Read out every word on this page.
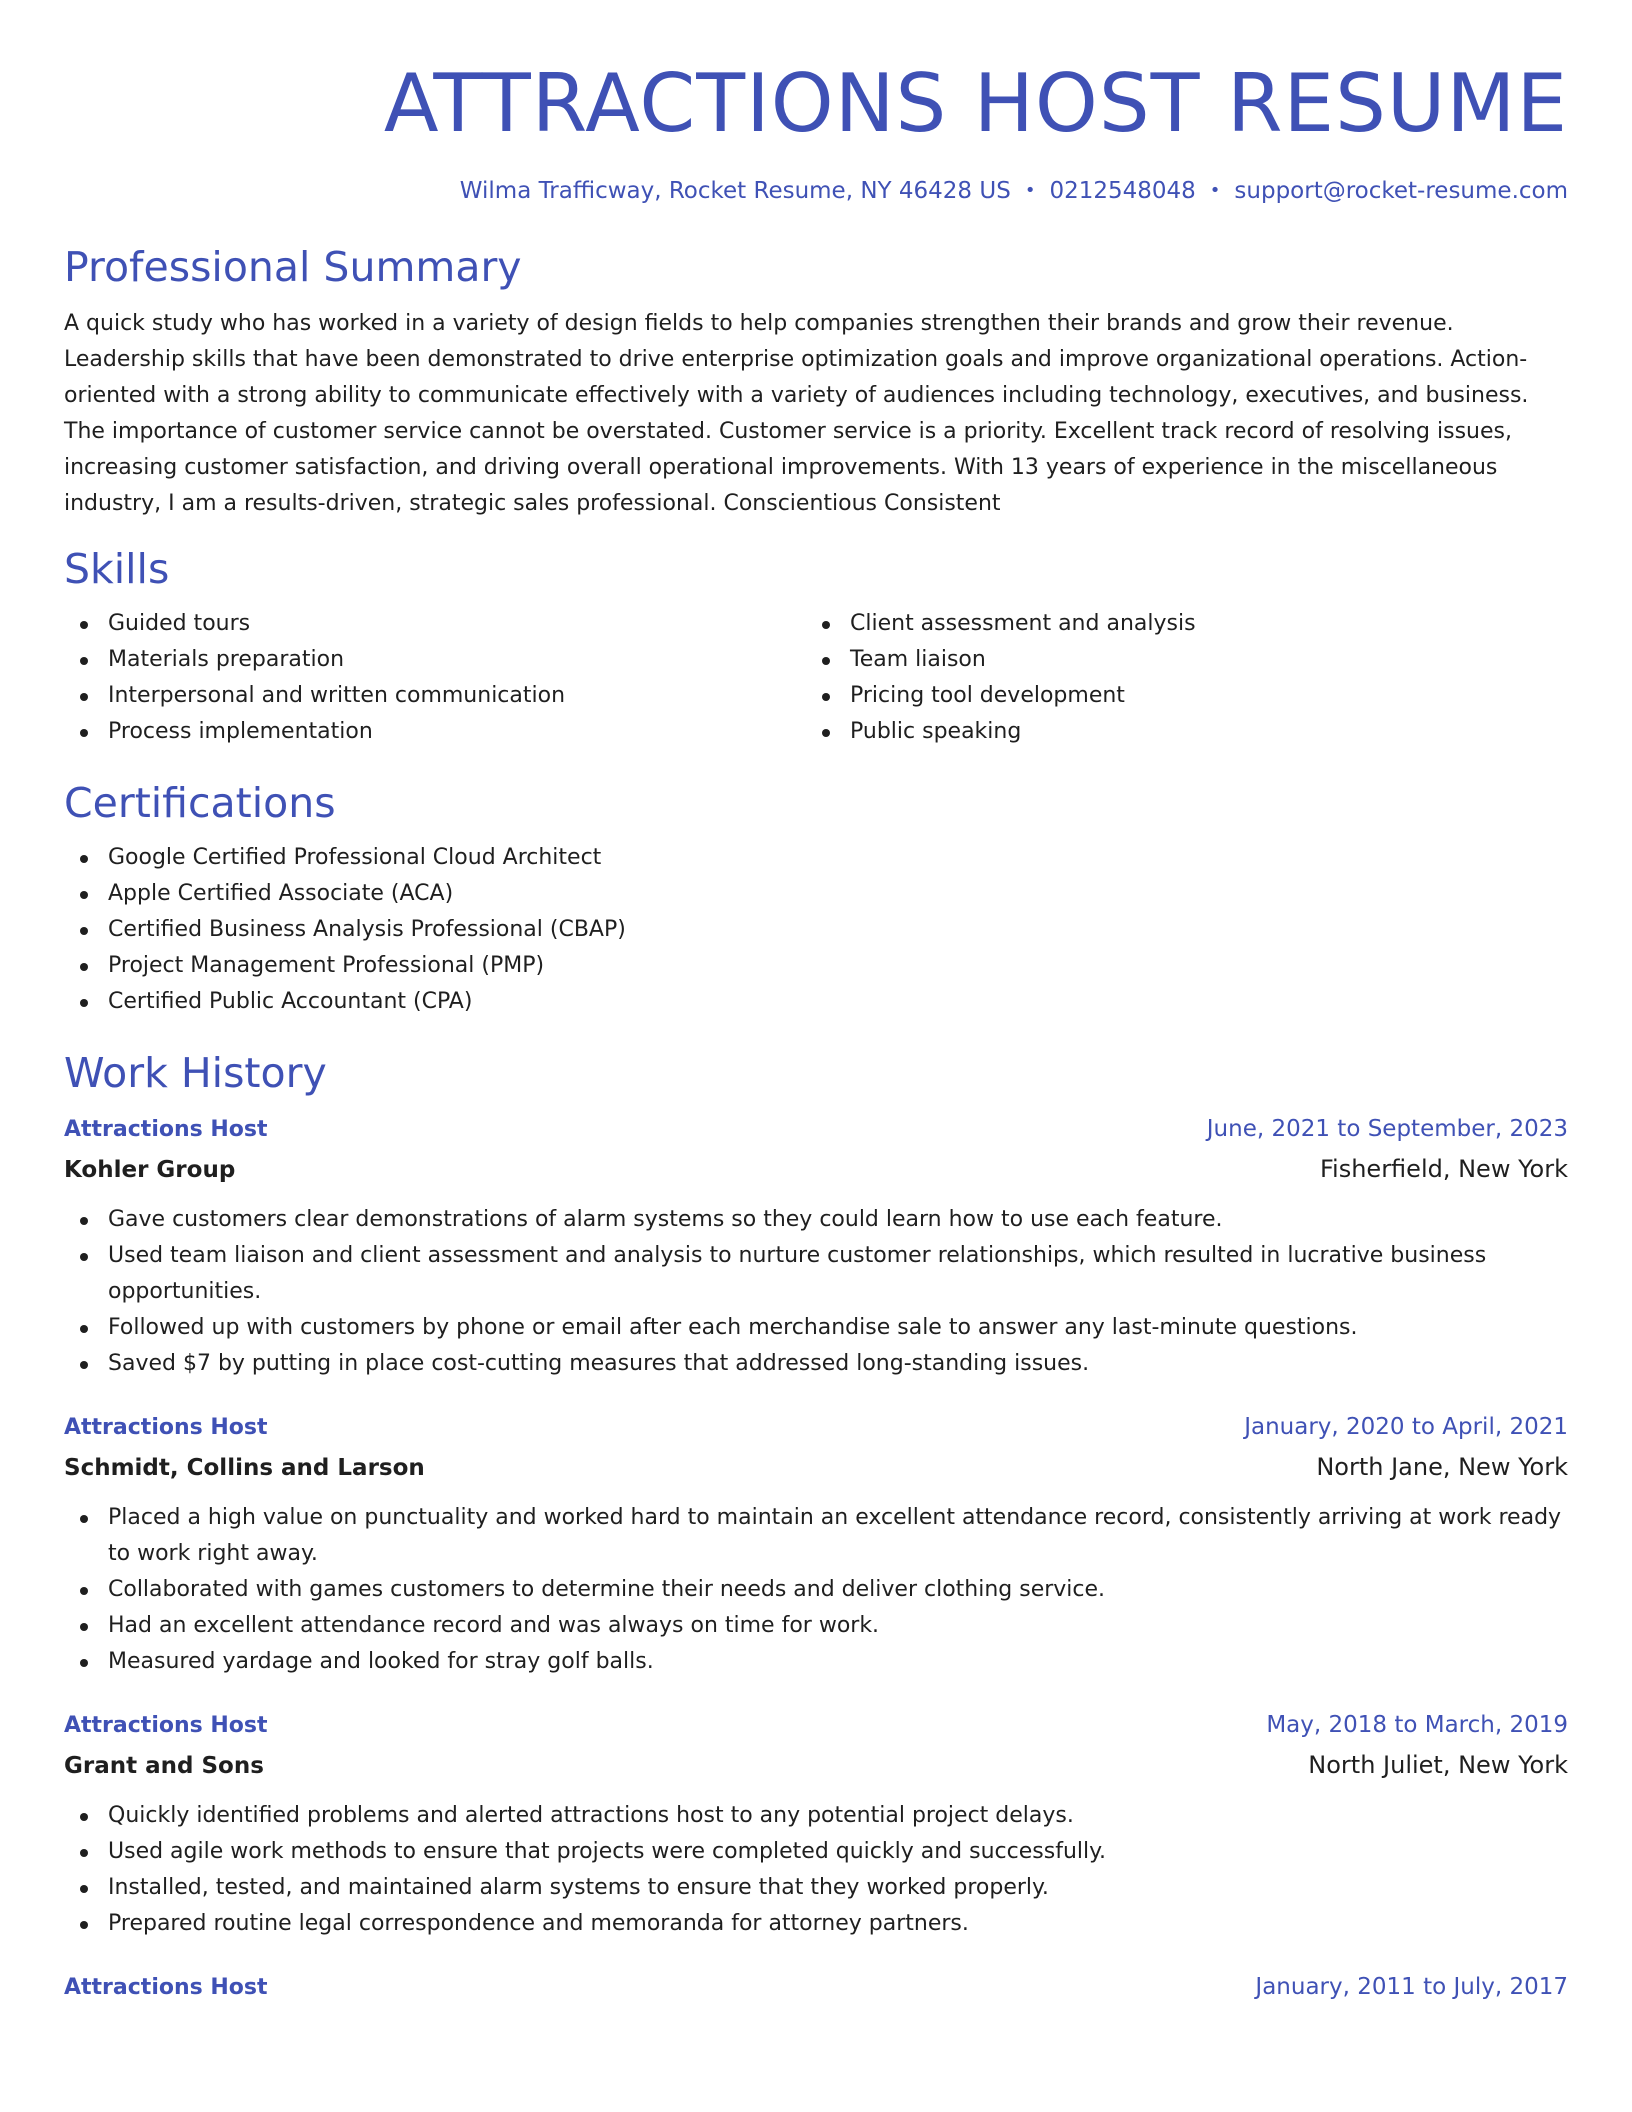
ATTRACTIONS HOST RESUME
Wilma Trafficway, Rocket Resume, NY 46428 US • 0212548048 • support@rocket-resume.com
Professional Summary

A quick study who has worked in a variety of design fields to help companies strengthen their brands and grow their revenue. Leadership skills that have been demonstrated to drive enterprise optimization goals and improve organizational operations. Action-oriented with a strong ability to communicate effectively with a variety of audiences including technology, executives, and business. The importance of customer service cannot be overstated. Customer service is a priority. Excellent track record of resolving issues, increasing customer satisfaction, and driving overall operational improvements. With 13 years of experience in the miscellaneous industry, I am a results-driven, strategic sales professional. Conscientious Consistent

Skills
Guided tours
Materials preparation
Interpersonal and written communication
Process implementation
Client assessment and analysis
Team liaison
Pricing tool development
Public speaking
Certifications
Google Certified Professional Cloud Architect
Apple Certified Associate (ACA)
Certified Business Analysis Professional (CBAP)
Project Management Professional (PMP)
Certified Public Accountant (CPA)
Work History
Attractions Host	June, 2021 to September, 2023
Kohler Group	Fisherfield, New York
Gave customers clear demonstrations of alarm systems so they could learn how to use each feature.
Used team liaison and client assessment and analysis to nurture customer relationships, which resulted in lucrative business opportunities.
Followed up with customers by phone or email after each merchandise sale to answer any last-minute questions.
Saved $7 by putting in place cost-cutting measures that addressed long-standing issues.
Attractions Host	January, 2020 to April, 2021
Schmidt, Collins and Larson	North Jane, New York
Placed a high value on punctuality and worked hard to maintain an excellent attendance record, consistently arriving at work ready to work right away.
Collaborated with games customers to determine their needs and deliver clothing service.
Had an excellent attendance record and was always on time for work.
Measured yardage and looked for stray golf balls.
Attractions Host	May, 2018 to March, 2019
Grant and Sons	North Juliet, New York
Quickly identified problems and alerted attractions host to any potential project delays.
Used agile work methods to ensure that projects were completed quickly and successfully.
Installed, tested, and maintained alarm systems to ensure that they worked properly.
Prepared routine legal correspondence and memoranda for attorney partners.
Attractions Host	January, 2011 to July, 2017
